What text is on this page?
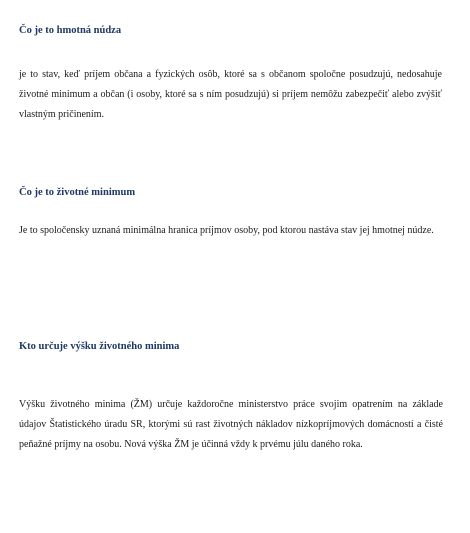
Čo je to hmotná núdza

je to stav, keď príjem občana a fyzických osôb, ktoré sa s občanom spoločne posudzujú, nedosahuje životné minimum a občan (i osoby, ktoré sa s ním posudzujú) si príjem nemôžu zabezpečiť alebo zvýšiť vlastným pričinením.

Čo je to životné minimum

Je to spoločensky uznaná minimálna hranica príjmov osoby, pod ktorou nastáva stav jej hmotnej núdze.

Kto určuje výšku životného minima

Výšku životného minima (ŽM) určuje každoročne ministerstvo práce svojim opatrením na základe údajov Štatistického úradu SR, ktorými sú rast životných nákladov nízkopríjmových domácností a čisté peňažné príjmy na osobu. Nová výška ŽM je účinná vždy k prvému júlu daného roka.
